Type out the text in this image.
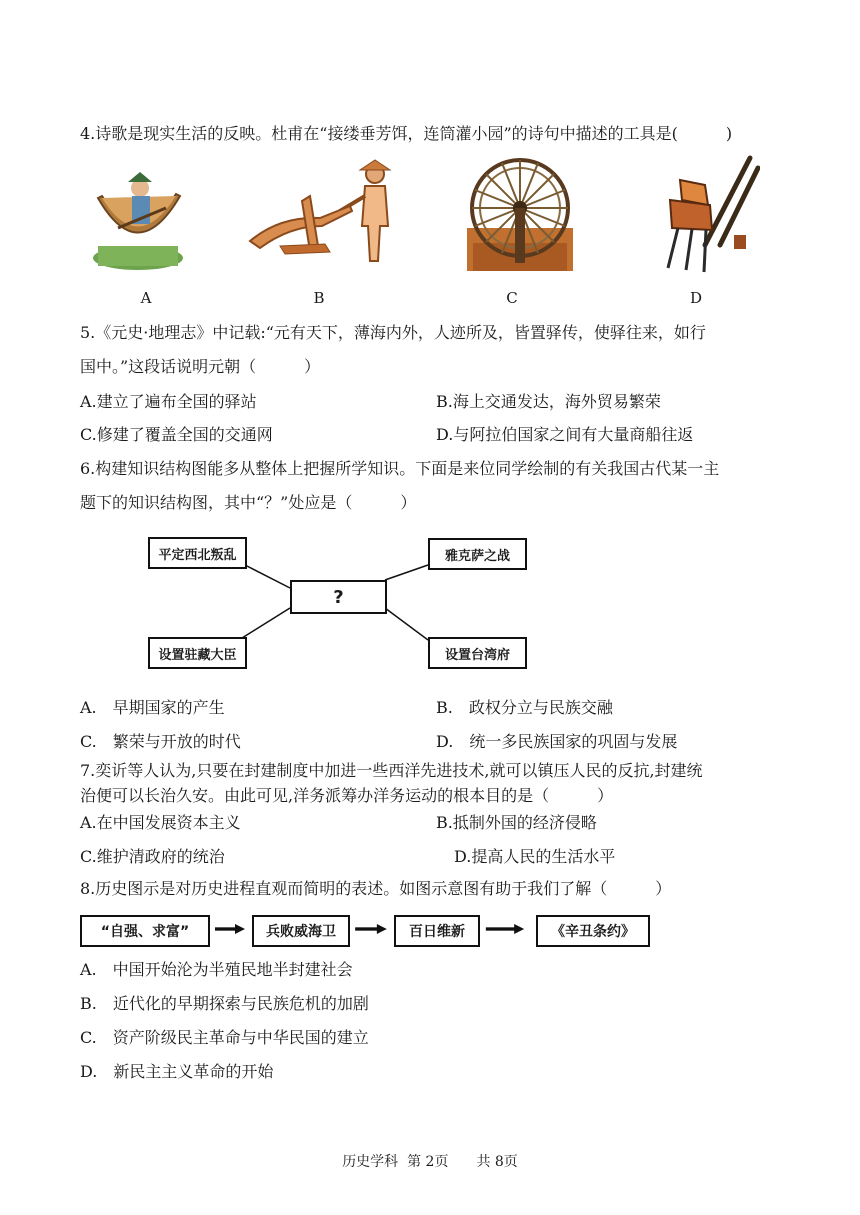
4.诗歌是现实生活的反映。杜甫在“接缕垂芳饵，连筒灌小园”的诗句中描述的工具是(　　　)
A	B	C	D
5.《元史·地理志》中记载:“元有天下，薄海内外，人迹所及，皆置驿传，使驿往来，如行
国中。”这段话说明元朝（　　　）
A.建立了遍布全国的驿站	B.海上交通发达，海外贸易繁荣
C.修建了覆盖全国的交通网	D.与阿拉伯国家之间有大量商船往返
6.构建知识结构图能多从整体上把握所学知识。下面是来位同学绘制的有关我国古代某一主
题下的知识结构图，其中“？”处应是（　　　）
平定西北叛乱	雅克萨之战
?
设置驻藏大臣	设置台湾府
A.　早期国家的产生	B.　政权分立与民族交融
C.　繁荣与开放的时代	D.　统一多民族国家的巩固与发展
7.奕䜣等人认为,只要在封建制度中加进一些西洋先进技术,就可以镇压人民的反抗,封建统
治便可以长治久安。由此可见,洋务派筹办洋务运动的根本目的是（　　　）
A.在中国发展资本主义	B.抵制外国的经济侵略
C.维护清政府的统治	D.提高人民的生活水平
8.历史图示是对历史进程直观而简明的表述。如图示意图有助于我们了解（　　　）
“自强、求富”	兵败威海卫	百日维新	《辛丑条约》
A.　中国开始沦为半殖民地半封建社会
B.　近代化的早期探索与民族危机的加剧
C.　资产阶级民主革命与中华民国的建立
D.　新民主主义革命的开始
历史学科  第 2页　　共 8页
